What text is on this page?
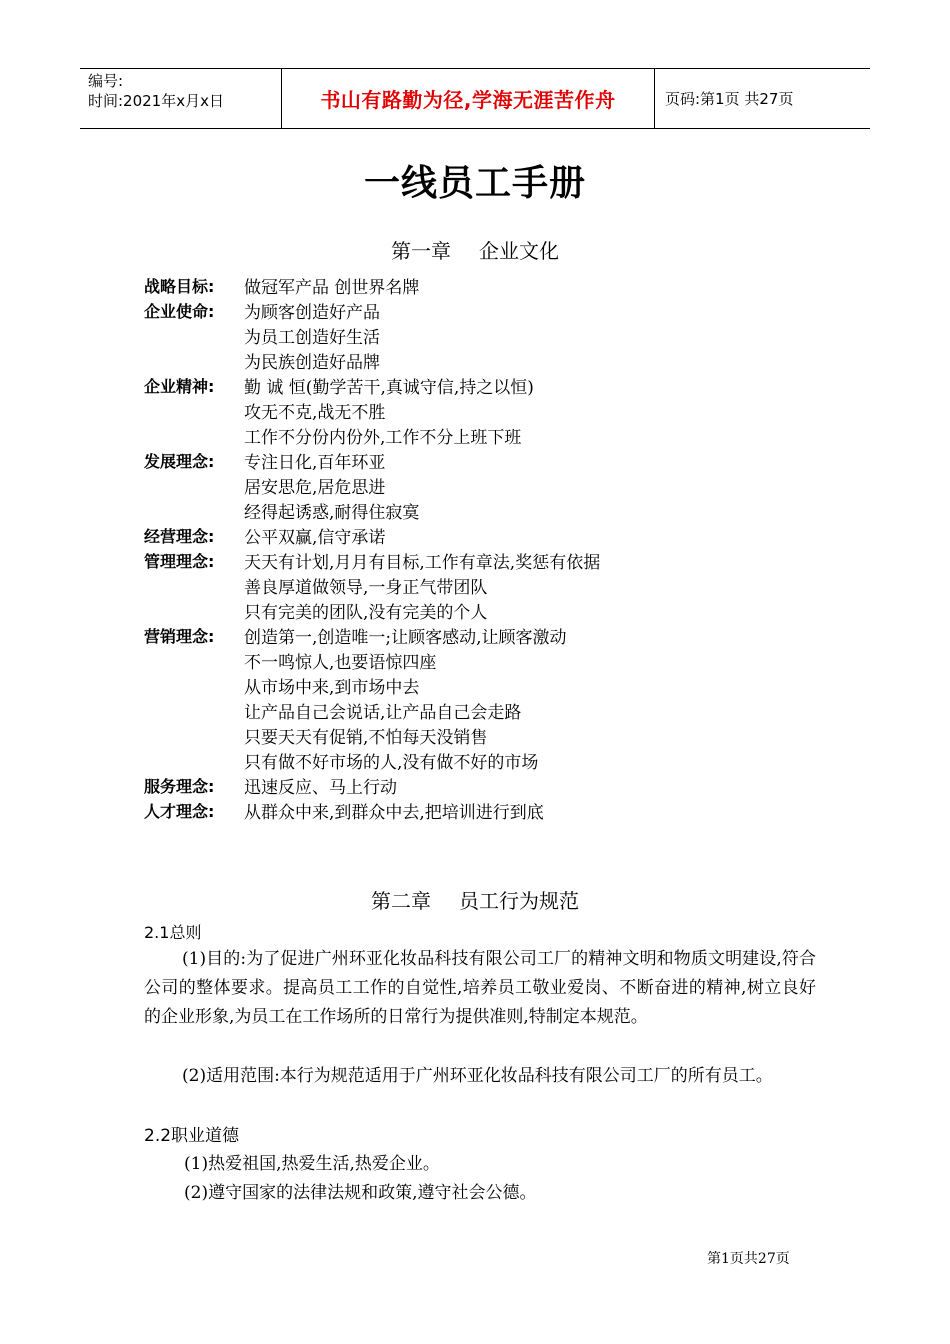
编号:
时间:2021年x月x日	书山有路勤为径,学海无涯苦作舟	页码:第1页 共27页
一线员工手册
第一章 企业文化
战略目标:	做冠军产品 创世界名牌
企业使命:	为顾客创造好产品
为员工创造好生活
为民族创造好品牌
企业精神:	勤 诚 恒(勤学苦干,真诚守信,持之以恒)
攻无不克,战无不胜
工作不分份内份外,工作不分上班下班
发展理念:	专注日化,百年环亚
居安思危,居危思进
经得起诱惑,耐得住寂寞
经营理念:	公平双赢,信守承诺
管理理念:	天天有计划,月月有目标,工作有章法,奖惩有依据
善良厚道做领导,一身正气带团队
只有完美的团队,没有完美的个人
营销理念:	创造第一,创造唯一;让顾客感动,让顾客激动
不一鸣惊人,也要语惊四座
从市场中来,到市场中去
让产品自己会说话,让产品自己会走路
只要天天有促销,不怕每天没销售
只有做不好市场的人,没有做不好的市场
服务理念:	迅速反应、马上行动
人才理念:	从群众中来,到群众中去,把培训进行到底
第二章 员工行为规范
2.1总则
(1)目的:为了促进广州环亚化妆品科技有限公司工厂的精神文明和物质文明建设,符合公司的整体要求。提高员工工作的自觉性,培养员工敬业爱岗、不断奋进的精神,树立良好的企业形象,为员工在工作场所的日常行为提供准则,特制定本规范。
(2)适用范围:本行为规范适用于广州环亚化妆品科技有限公司工厂的所有员工。
2.2职业道德
(1)热爱祖国,热爱生活,热爱企业。
(2)遵守国家的法律法规和政策,遵守社会公德。
第1页共27页
